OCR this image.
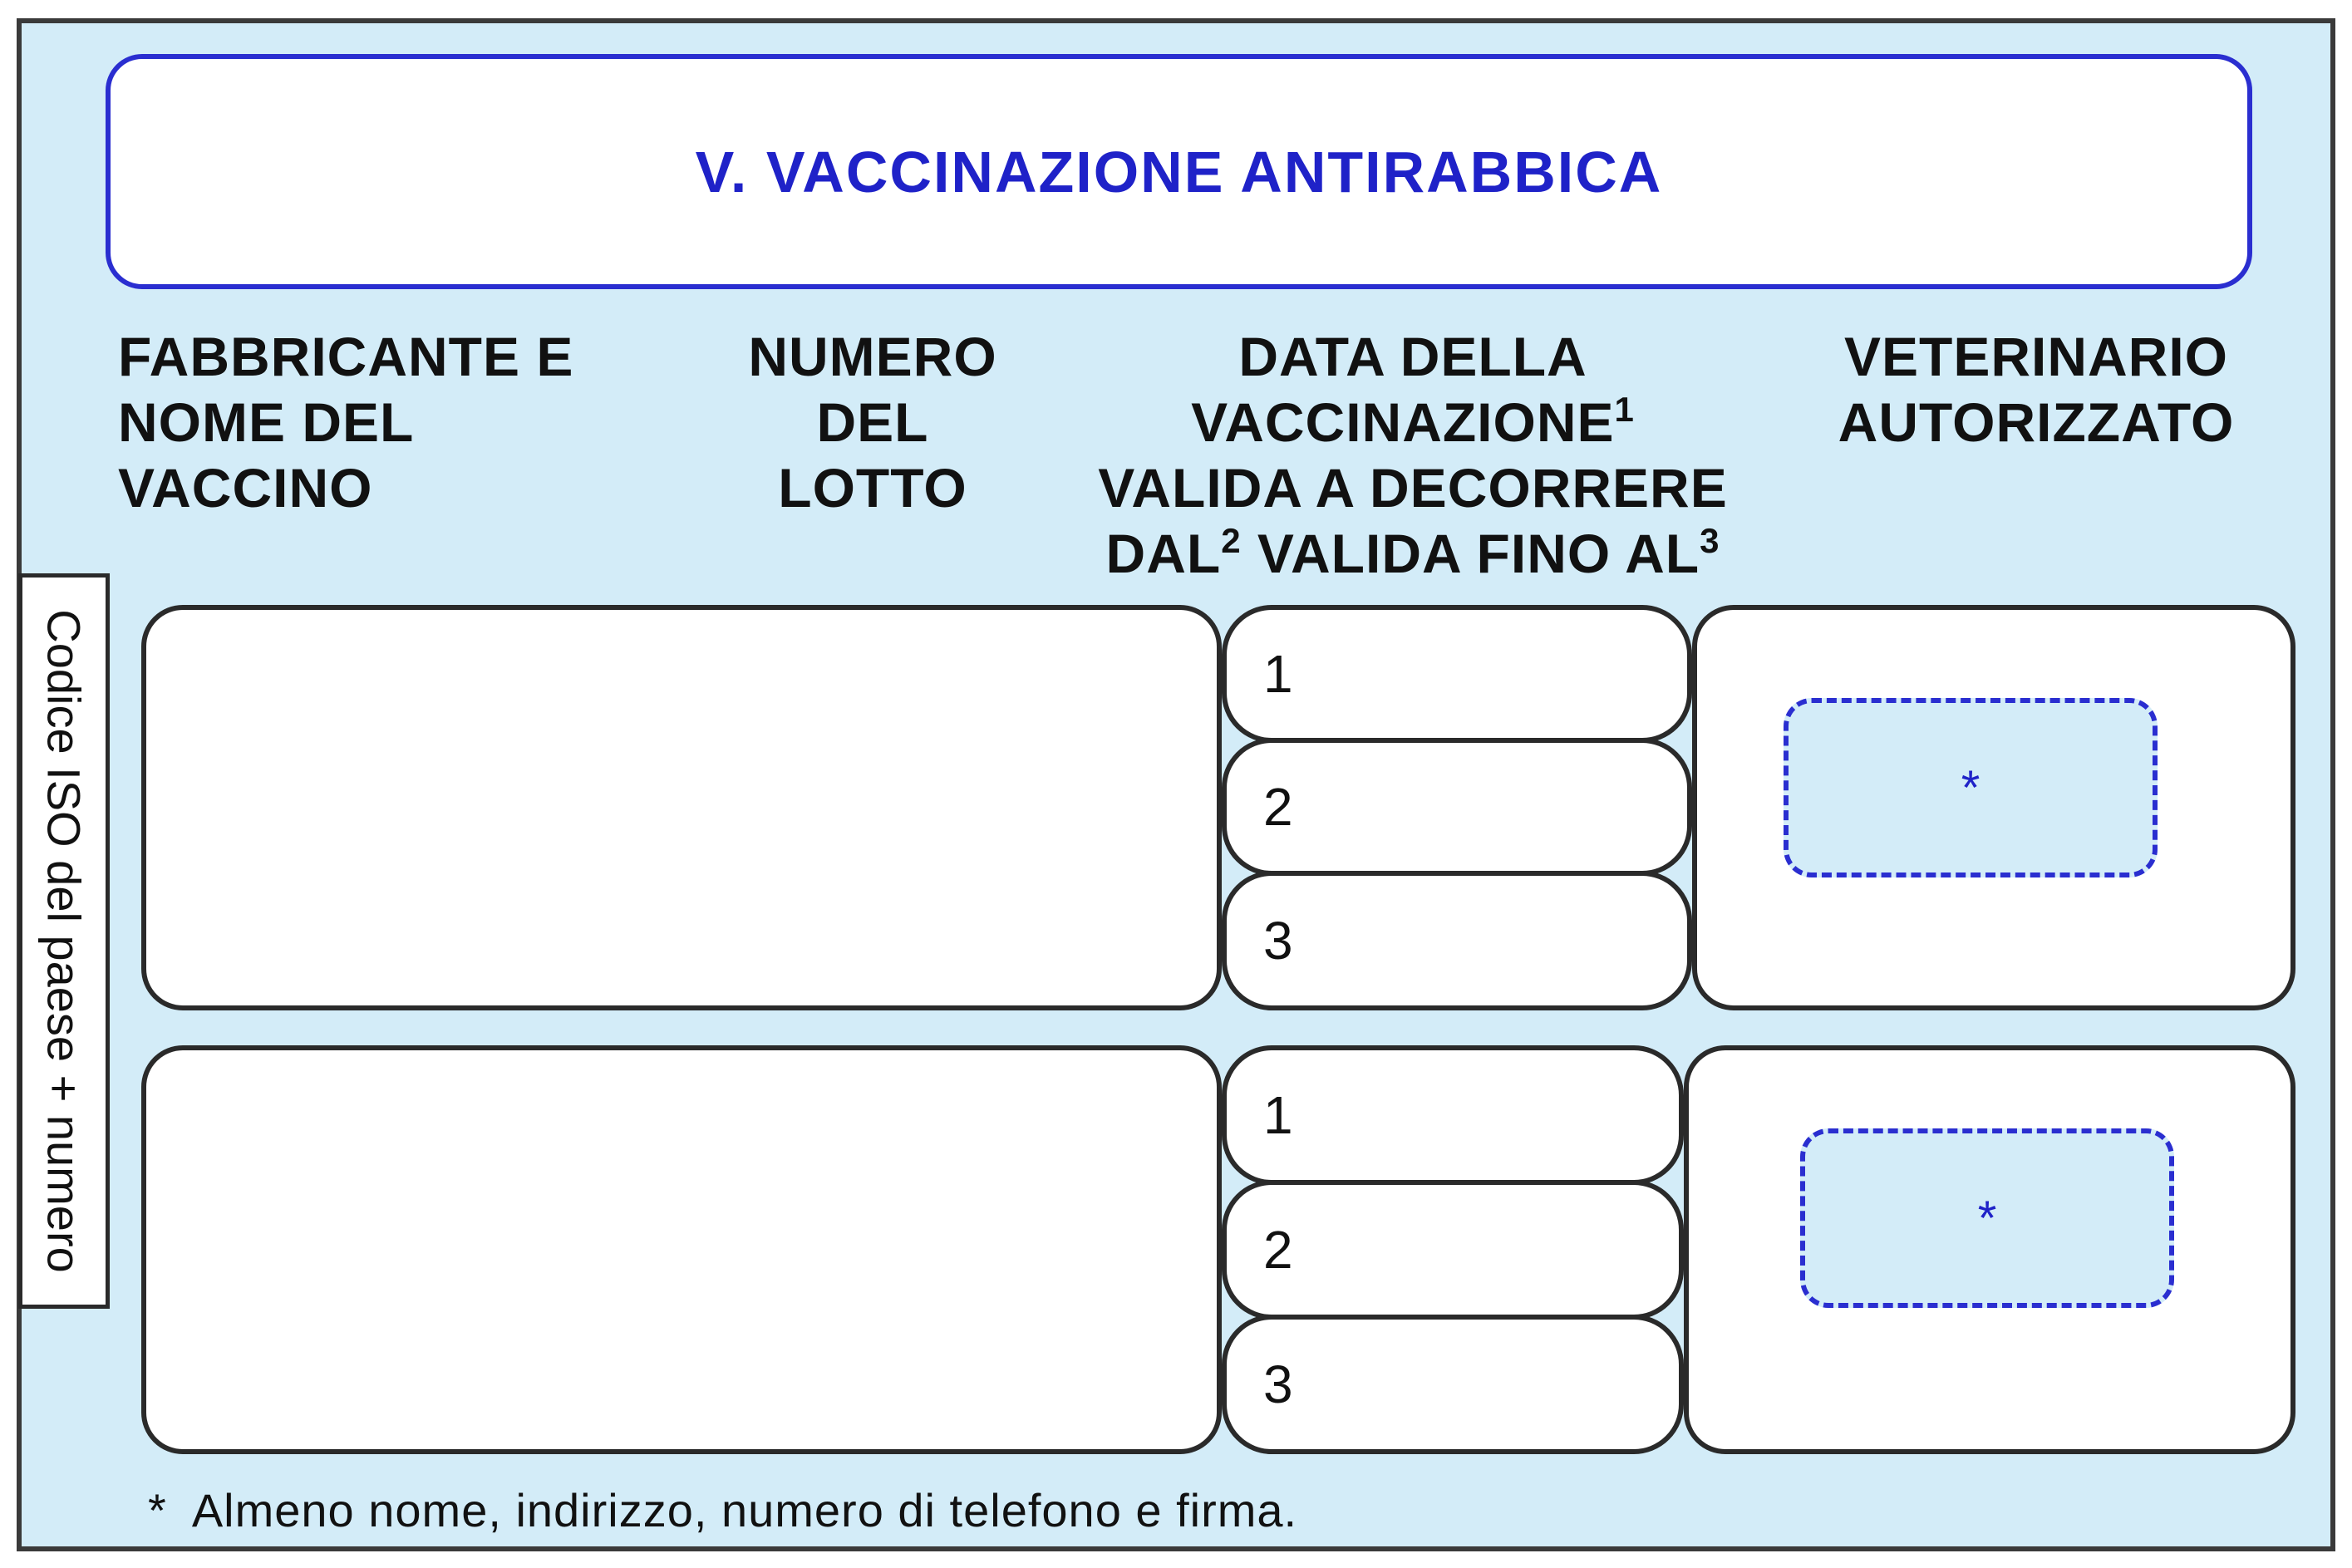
V. VACCINAZIONE ANTIRABBICA
FABBRICANTE E
NOME DEL
VACCINO
NUMERO
DEL
LOTTO
DATA DELLA
VACCINAZIONE$^1$
VALIDA A DECORRERE
DAL$^2$ VALIDA FINO $AL^3$
VETERINARIO
AUTORIZZATO
1
2
3
*
1
2
3
*
Codice ISO del paese + numero
*  Almeno nome, indirizzo, numero di telefono e firma.
